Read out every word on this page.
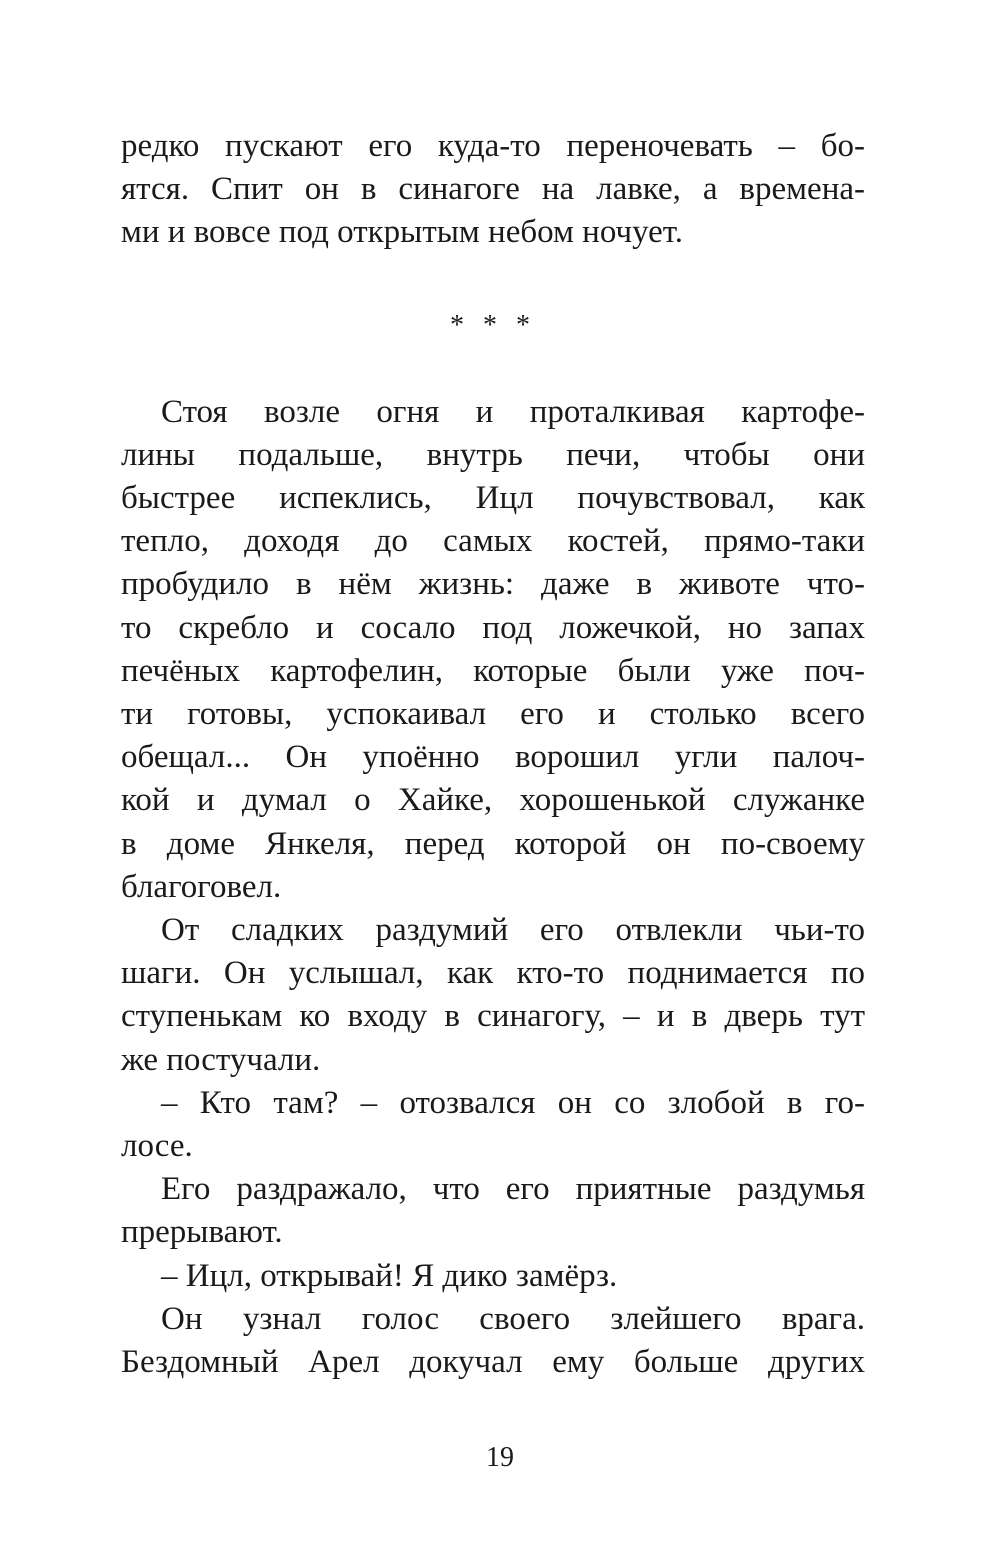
редко пускают его куда-то переночевать – бо-
ятся. Спит он в синагоге на лавке, а времена-
ми и вовсе под открытым небом ночует.

* * *

Стоя возле огня и проталкивая картофе-
лины подальше, внутрь печи, чтобы они
быстрее испеклись, Ицл почувствовал, как
тепло, доходя до самых костей, прямо-таки
пробудило в нём жизнь: даже в животе что-
то скребло и сосало под ложечкой, но запах
печёных картофелин, которые были уже поч-
ти готовы, успокаивал его и столько всего
обещал... Он упоённо ворошил угли палоч-
кой и думал о Хайке, хорошенькой служанке
в доме Янкеля, перед которой он по-своему
благоговел.

От сладких раздумий его отвлекли чьи-то
шаги. Он услышал, как кто-то поднимается по
ступенькам ко входу в синагогу, – и в дверь тут
же постучали.

– Кто там? – отозвался он со злобой в го-
лосе.

Его раздражало, что его приятные раздумья
прерывают.

– Ицл, открывай! Я дико замёрз.

Он узнал голос своего злейшего врага.
Бездомный Арел докучал ему больше других

19
